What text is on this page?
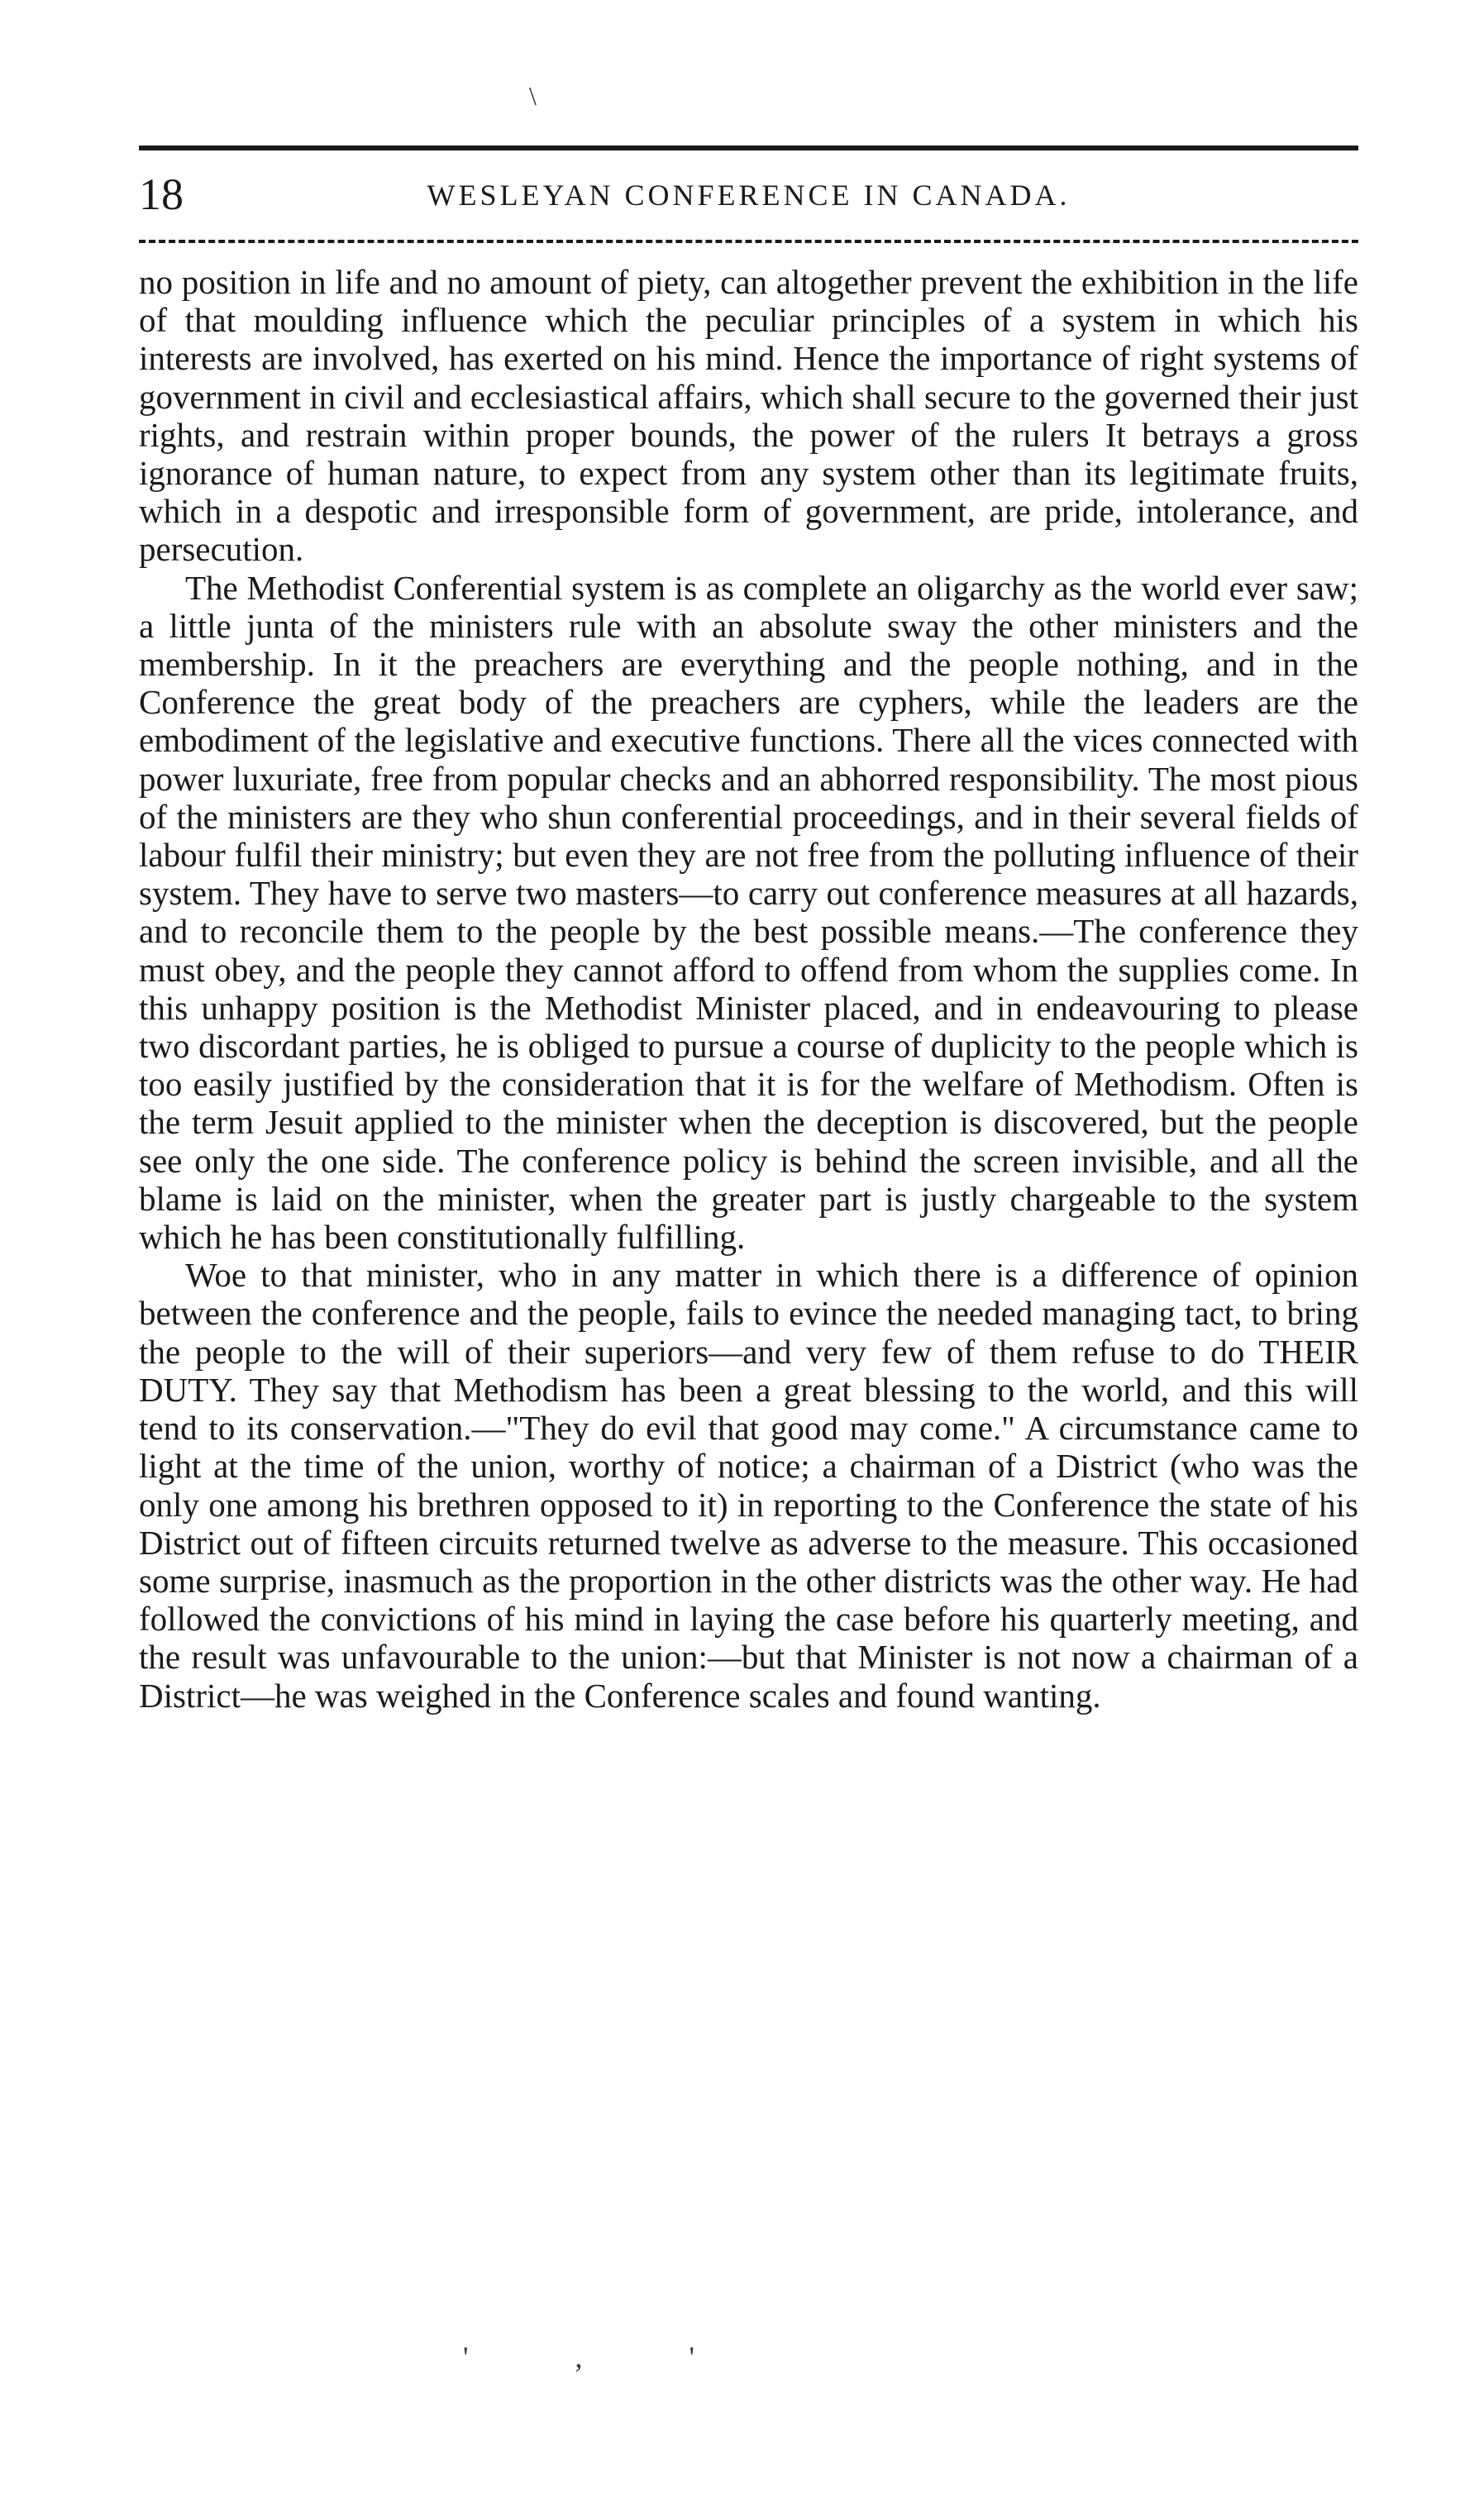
\
18	WESLEYAN CONFERENCE IN CANADA.

no position in life and no amount of piety, can altogether prevent the exhibition in the life of that moulding influence which the peculiar principles of a system in which his interests are involved, has exerted on his mind. Hence the importance of right systems of government in civil and ecclesiastical affairs, which shall secure to the governed their just rights, and restrain within proper bounds, the power of the rulers It betrays a gross ignorance of human nature, to expect from any system other than its legitimate fruits, which in a despotic and irresponsible form of government, are pride, intolerance, and persecution.

The Methodist Conferential system is as complete an oligarchy as the world ever saw; a little junta of the ministers rule with an absolute sway the other ministers and the membership. In it the preachers are everything and the people nothing, and in the Conference the great body of the preachers are cyphers, while the leaders are the embodiment of the legislative and executive functions. There all the vices connected with power luxuriate, free from popular checks and an abhorred responsibility. The most pious of the ministers are they who shun conferential proceedings, and in their several fields of labour fulfil their ministry; but even they are not free from the polluting influence of their system. They have to serve two masters—to carry out conference measures at all hazards, and to reconcile them to the people by the best possible means.—The conference they must obey, and the people they cannot afford to offend from whom the supplies come. In this unhappy position is the Methodist Minister placed, and in endeavouring to please two discordant parties, he is obliged to pursue a course of duplicity to the people which is too easily justified by the consideration that it is for the welfare of Methodism. Often is the term Jesuit applied to the minister when the deception is discovered, but the people see only the one side. The conference policy is behind the screen invisible, and all the blame is laid on the minister, when the greater part is justly chargeable to the system which he has been constitutionally fulfilling.

Woe to that minister, who in any matter in which there is a difference of opinion between the conference and the people, fails to evince the needed managing tact, to bring the people to the will of their superiors—and very few of them refuse to do THEIR DUTY. They say that Methodism has been a great blessing to the world, and this will tend to its conservation.—"They do evil that good may come." A circumstance came to light at the time of the union, worthy of notice; a chairman of a District (who was the only one among his brethren opposed to it) in reporting to the Conference the state of his District out of fifteen circuits returned twelve as adverse to the measure. This occasioned some surprise, inasmuch as the proportion in the other districts was the other way. He had followed the convictions of his mind in laying the case before his quarterly meeting, and the result was unfavourable to the union:—but that Minister is not now a chairman of a District—he was weighed in the Conference scales and found wanting.

' , '
